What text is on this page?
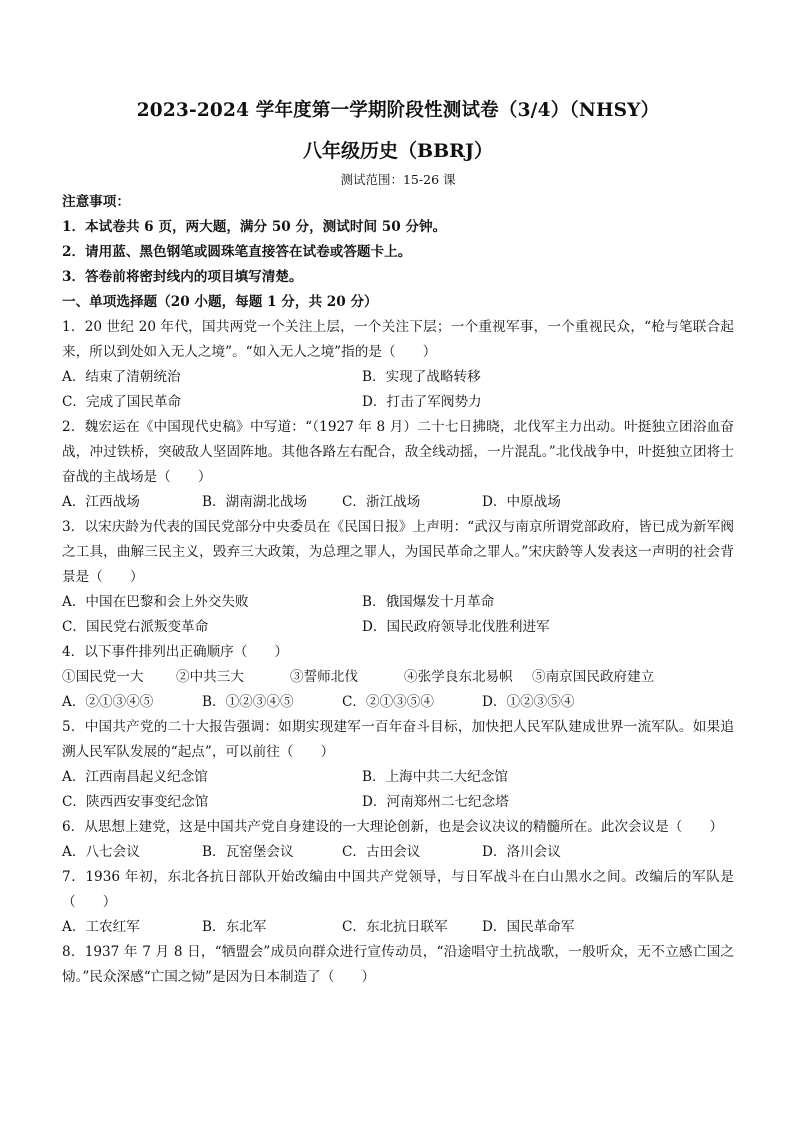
2023-2024 学年度第一学期阶段性测试卷（3/4）（NHSY）
八年级历史（BBRJ）
测试范围：15-26 课
注意事项：
1．本试卷共 6 页，两大题，满分 50 分，测试时间 50 分钟。
2．请用蓝、黑色钢笔或圆珠笔直接答在试卷或答题卡上。
3．答卷前将密封线内的项目填写清楚。
一、单项选择题（20 小题，每题 1 分，共 20 分）
1．20 世纪 20 年代，国共两党一个关注上层，一个关注下层；一个重视军事，一个重视民众，“枪与笔联合起来，所以到处如入无人之境”。“如入无人之境”指的是（　　）
A．结束了清朝统治	B．实现了战略转移
C．完成了国民革命	D．打击了军阀势力
2．魏宏运在《中国现代史稿》中写道：“（1927 年 8 月）二十七日拂晓，北伐军主力出动。叶挺独立团浴血奋战，冲过铁桥，突破敌人坚固阵地。其他各路左右配合，敌全线动摇，一片混乱。”北伐战争中，叶挺独立团将士奋战的主战场是（　　）
A．江西战场	B．湖南湖北战场	C．浙江战场	D．中原战场
3．以宋庆龄为代表的国民党部分中央委员在《民国日报》上声明：“武汉与南京所谓党部政府，皆已成为新军阀之工具，曲解三民主义，毁弃三大政策，为总理之罪人，为国民革命之罪人。”宋庆龄等人发表这一声明的社会背景是（　　）
A．中国在巴黎和会上外交失败	B．俄国爆发十月革命
C．国民党右派叛变革命	D．国民政府领导北伐胜利进军
4．以下事件排列出正确顺序（　　）
①国民党一大	②中共三大	③誓师北伐	④张学良东北易帜	⑤南京国民政府建立
A．②①③④⑤	B．①②③④⑤	C．②①③⑤④	D．①②③⑤④
5．中国共产党的二十大报告强调：如期实现建军一百年奋斗目标，加快把人民军队建成世界一流军队。如果追溯人民军队发展的“起点”，可以前往（　　）
A．江西南昌起义纪念馆	B．上海中共二大纪念馆
C．陕西西安事变纪念馆	D．河南郑州二七纪念塔
6．从思想上建党，这是中国共产党自身建设的一大理论创新，也是会议决议的精髓所在。此次会议是（　　）
A．八七会议	B．瓦窑堡会议	C．古田会议	D．洛川会议
7．1936 年初，东北各抗日部队开始改编由中国共产党领导，与日军战斗在白山黑水之间。改编后的军队是（　　）
A．工农红军	B．东北军	C．东北抗日联军	D．国民革命军
8．1937 年 7 月 8 日，“牺盟会”成员向群众进行宣传动员，“沿途唱守土抗战歌，一般听众，无不立感亡国之恸。”民众深感“亡国之恸”是因为日本制造了（　　）
